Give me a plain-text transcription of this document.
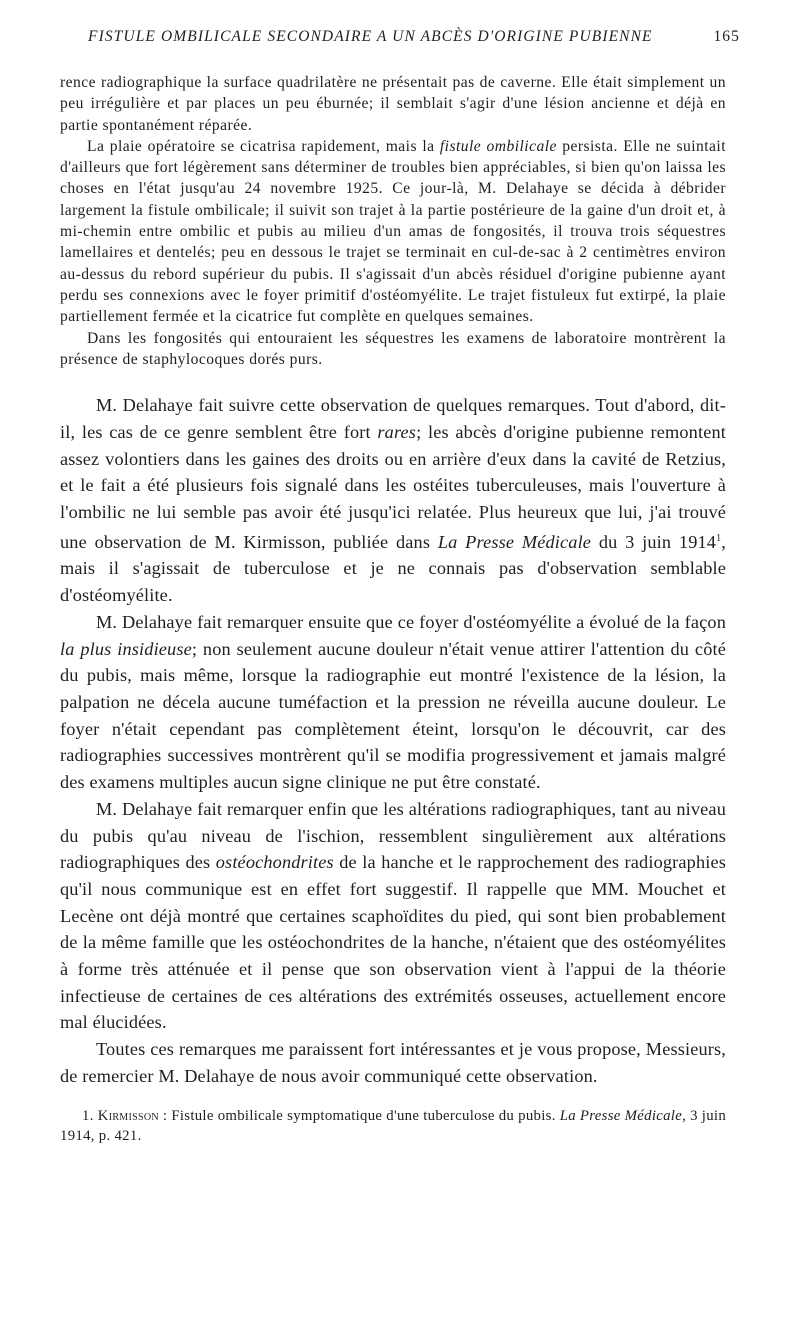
FISTULE OMBILICALE SECONDAIRE A UN ABCÈS D'ORIGINE PUBIENNE	165

rence radiographique la surface quadrilatère ne présentait pas de caverne. Elle était simplement un peu irrégulière et par places un peu éburnée; il semblait s'agir d'une lésion ancienne et déjà en partie spontanément réparée.

La plaie opératoire se cicatrisa rapidement, mais la fistule ombilicale persista. Elle ne suintait d'ailleurs que fort légèrement sans déterminer de troubles bien appréciables, si bien qu'on laissa les choses en l'état jusqu'au 24 novembre 1925. Ce jour-là, M. Delahaye se décida à débrider largement la fistule ombilicale; il suivit son trajet à la partie postérieure de la gaine d'un droit et, à mi-chemin entre ombilic et pubis au milieu d'un amas de fongosités, il trouva trois séquestres lamellaires et dentelés; peu en dessous le trajet se terminait en cul-de-sac à 2 centimètres environ au-dessus du rebord supérieur du pubis. Il s'agissait d'un abcès résiduel d'origine pubienne ayant perdu ses connexions avec le foyer primitif d'ostéomyélite. Le trajet fistuleux fut extirpé, la plaie partiellement fermée et la cicatrice fut complète en quelques semaines.

Dans les fongosités qui entouraient les séquestres les examens de laboratoire montrèrent la présence de staphylocoques dorés purs.

M. Delahaye fait suivre cette observation de quelques remarques. Tout d'abord, dit-il, les cas de ce genre semblent être fort rares; les abcès d'origine pubienne remontent assez volontiers dans les gaines des droits ou en arrière d'eux dans la cavité de Retzius, et le fait a été plusieurs fois signalé dans les ostéites tuberculeuses, mais l'ouverture à l'ombilic ne lui semble pas avoir été jusqu'ici relatée. Plus heureux que lui, j'ai trouvé une observation de M. Kirmisson, publiée dans La Presse Médicale du 3 juin 1914$^1$, mais il s'agissait de tuberculose et je ne connais pas d'observation semblable d'ostéomyélite.

M. Delahaye fait remarquer ensuite que ce foyer d'ostéomyélite a évolué de la façon la plus insidieuse; non seulement aucune douleur n'était venue attirer l'attention du côté du pubis, mais même, lorsque la radiographie eut montré l'existence de la lésion, la palpation ne décela aucune tuméfaction et la pression ne réveilla aucune douleur. Le foyer n'était cependant pas complètement éteint, lorsqu'on le découvrit, car des radiographies successives montrèrent qu'il se modifia progressivement et jamais malgré des examens multiples aucun signe clinique ne put être constaté.

M. Delahaye fait remarquer enfin que les altérations radiographiques, tant au niveau du pubis qu'au niveau de l'ischion, ressemblent singulièrement aux altérations radiographiques des ostéochondrites de la hanche et le rapprochement des radiographies qu'il nous communique est en effet fort suggestif. Il rappelle que MM. Mouchet et Lecène ont déjà montré que certaines scaphoïdites du pied, qui sont bien probablement de la même famille que les ostéochondrites de la hanche, n'étaient que des ostéomyélites à forme très atténuée et il pense que son observation vient à l'appui de la théorie infectieuse de certaines de ces altérations des extrémités osseuses, actuellement encore mal élucidées.

Toutes ces remarques me paraissent fort intéressantes et je vous propose, Messieurs, de remercier M. Delahaye de nous avoir communiqué cette observation.

1. Kirmisson : Fistule ombilicale symptomatique d'une tuberculose du pubis. La Presse Médicale, 3 juin 1914, p. 421.
